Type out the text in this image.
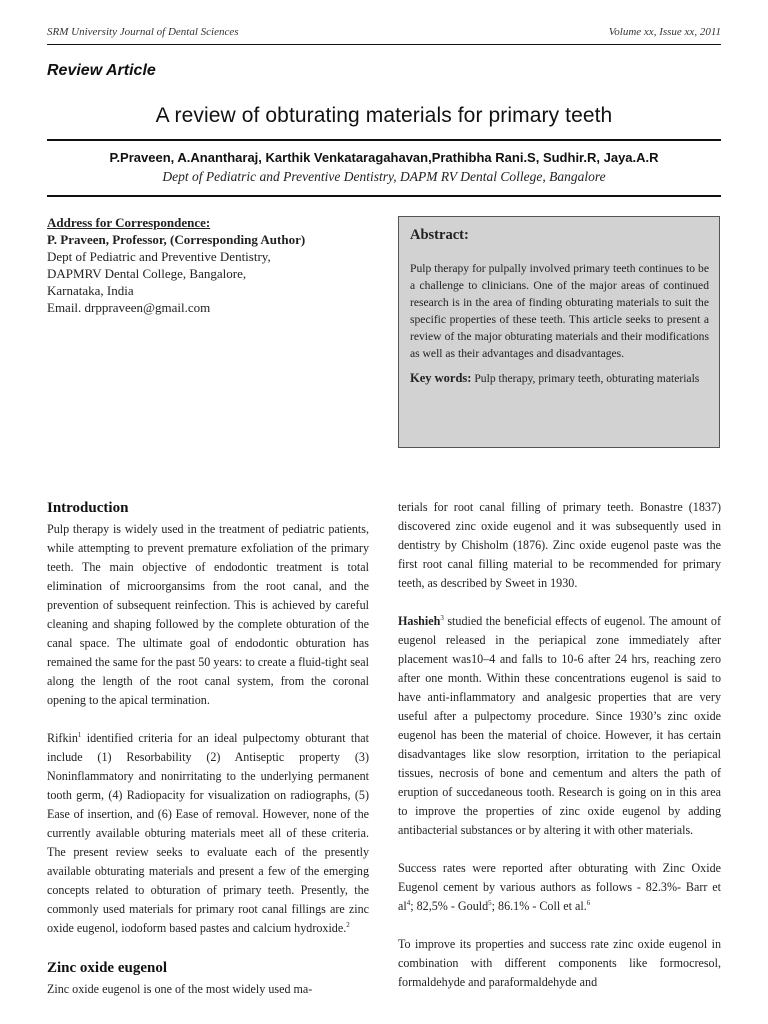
SRM University Journal of Dental Sciences	Volume xx, Issue xx, 2011
Review Article
A review of obturating materials for primary teeth
P.Praveen, A.Anantharaj, Karthik Venkataragahavan,Prathibha Rani.S, Sudhir.R, Jaya.A.R
Dept of Pediatric and Preventive Dentistry, DAPM RV Dental College, Bangalore
Address for Correspondence:
P. Praveen, Professor, (Corresponding Author)
Dept of Pediatric and Preventive Dentistry,
DAPMRV Dental College, Bangalore,
Karnataka, India
Email. drppraveen@gmail.com
Abstract:

Pulp therapy for pulpally involved primary teeth continues to be a challenge to clinicians. One of the major areas of continued research is in the area of finding obturating materials to suit the specific properties of these teeth. This article seeks to present a review of the major obturating materials and their modifications as well as their advantages and disadvantages.

Key words: Pulp therapy, primary teeth, obturating materials
Introduction

Pulp therapy is widely used in the treatment of pediatric patients, while attempting to prevent premature exfoliation of the primary teeth. The main objective of endodontic treatment is total elimination of microorgansims from the root canal, and the prevention of subsequent reinfection. This is achieved by careful cleaning and shaping followed by the complete obturation of the canal space. The ultimate goal of endodontic obturation has remained the same for the past 50 years: to create a fluid-tight seal along the length of the root canal system, from the coronal opening to the apical termination.

Rifkin$^1$ identified criteria for an ideal pulpectomy obturant that include (1) Resorbability (2) Antiseptic property (3) Noninflammatory and nonirritating to the underlying permanent tooth germ, (4) Radiopacity for visualization on radiographs, (5) Ease of insertion, and (6) Ease of removal. However, none of the currently available obturing materials meet all of these criteria. The present review seeks to evaluate each of the presently available obturating materials and present a few of the emerging concepts related to obturation of primary teeth. Presently, the commonly used materials for primary root canal fillings are zinc oxide eugenol, iodoform based pastes and calcium hydroxide.$^2$

Zinc oxide eugenol

Zinc oxide eugenol is one of the most widely used ma-

terials for root canal filling of primary teeth. Bonastre (1837) discovered zinc oxide eugenol and it was subsequently used in dentistry by Chisholm (1876). Zinc oxide eugenol paste was the first root canal filling material to be recommended for primary teeth, as described by Sweet in 1930.

Hashieh$^3$ studied the beneficial effects of eugenol. The amount of eugenol released in the periapical zone immediately after placement was10–4 and falls to 10-6 after 24 hrs, reaching zero after one month. Within these concentrations eugenol is said to have anti-inflammatory and analgesic properties that are very useful after a pulpectomy procedure. Since 1930’s zinc oxide eugenol has been the material of choice. However, it has certain disadvantages like slow resorption, irritation to the periapical tissues, necrosis of bone and cementum and alters the path of eruption of succedaneous tooth. Research is going on in this area to improve the properties of zinc oxide eugenol by adding antibacterial substances or by altering it with other materials.

Success rates were reported after obturating with Zinc Oxide Eugenol cement by various authors as follows - 82.3%- Barr et $al^4$; 82,5% - Gould$^5$; 86.1% - Coll et al.$^6$

To improve its properties and success rate zinc oxide eugenol in combination with different components like formocresol, formaldehyde and paraformaldehyde and
